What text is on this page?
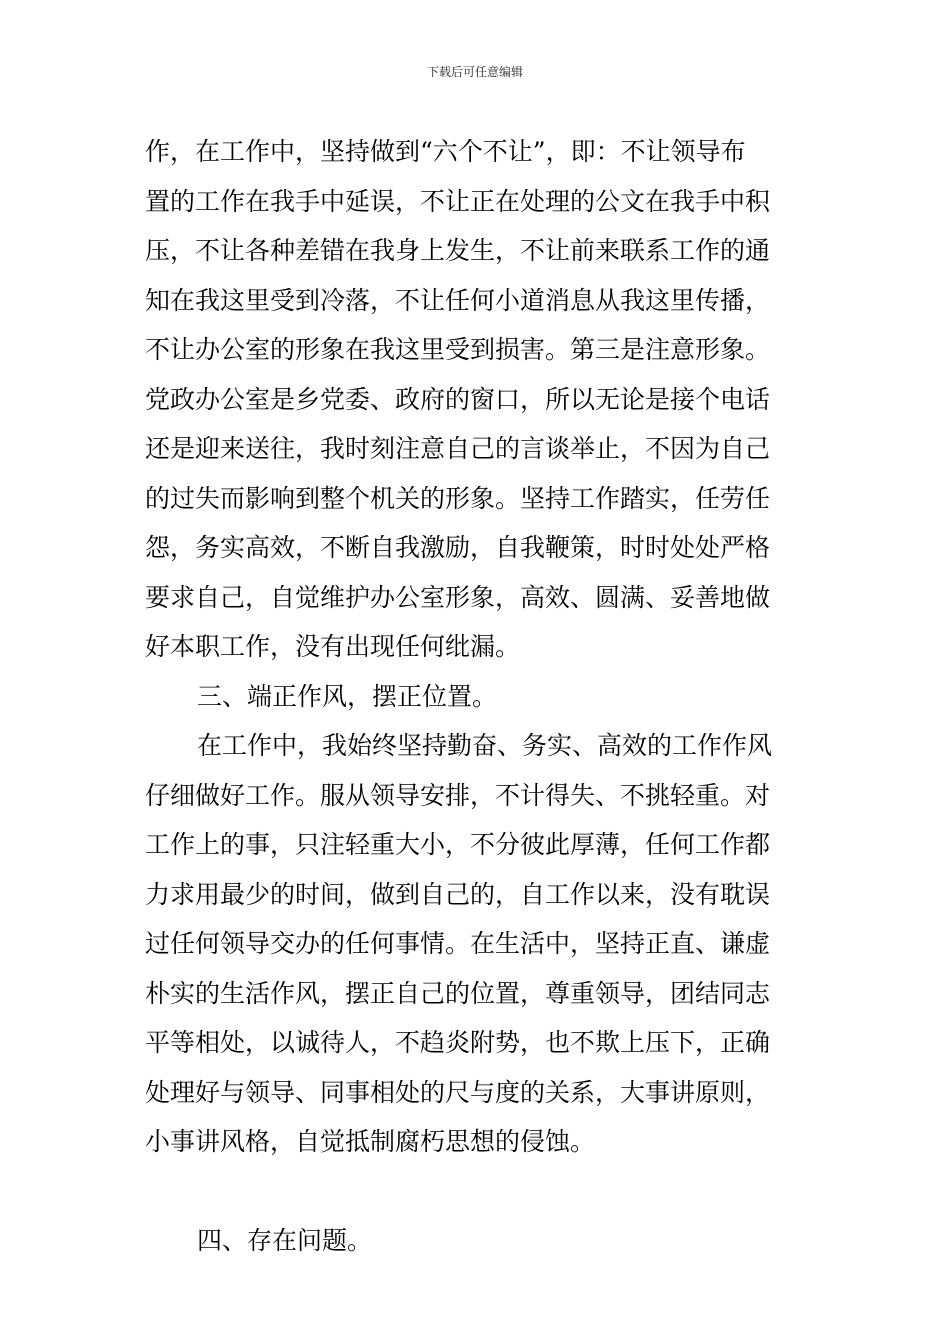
下载后可任意编辑
作，在工作中，坚持做到“六个不让”，即：不让领导布
置的工作在我手中延误，不让正在处理的公文在我手中积
压，不让各种差错在我身上发生，不让前来联系工作的通
知在我这里受到冷落，不让任何小道消息从我这里传播，
不让办公室的形象在我这里受到损害。第三是注意形象。
党政办公室是乡党委、政府的窗口，所以无论是接个电话
还是迎来送往，我时刻注意自己的言谈举止，不因为自己
的过失而影响到整个机关的形象。坚持工作踏实，任劳任
怨，务实高效，不断自我激励，自我鞭策，时时处处严格
要求自己，自觉维护办公室形象，高效、圆满、妥善地做
好本职工作，没有出现任何纰漏。
三、端正作风，摆正位置。
在工作中，我始终坚持勤奋、务实、高效的工作作风
仔细做好工作。服从领导安排，不计得失、不挑轻重。对
工作上的事，只注轻重大小，不分彼此厚薄，任何工作都
力求用最少的时间，做到自己的，自工作以来，没有耽误
过任何领导交办的任何事情。在生活中，坚持正直、谦虚
朴实的生活作风，摆正自己的位置，尊重领导，团结同志
平等相处，以诚待人，不趋炎附势，也不欺上压下，正确
处理好与领导、同事相处的尺与度的关系，大事讲原则，
小事讲风格，自觉抵制腐朽思想的侵蚀。
四、存在问题。
